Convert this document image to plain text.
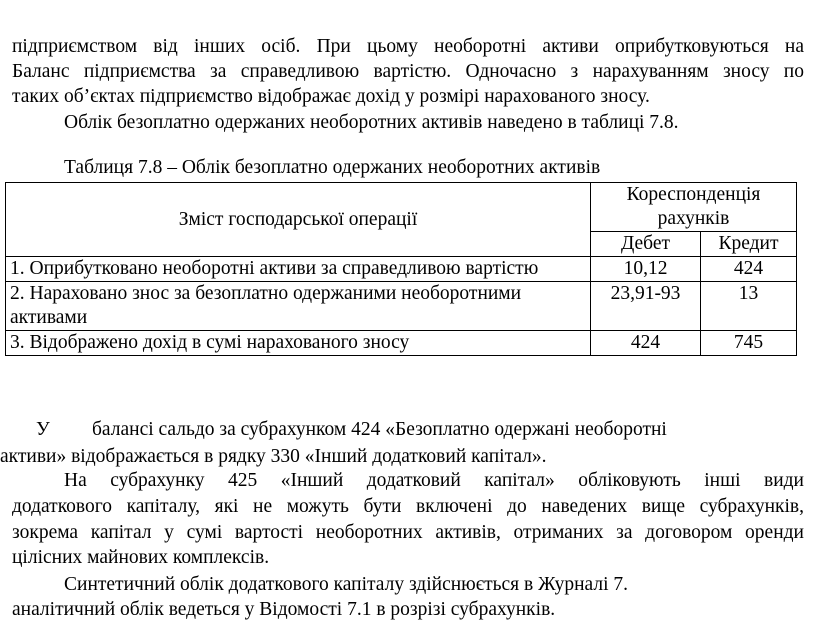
підприємством від інших осіб. При цьому необоротні активи оприбутковуються на
Баланс підприємства за справедливою вартістю. Одночасно з нарахуванням зносу по
таких об’єктах підприємство відображає дохід у розмірі нарахованого зносу.
Облік безоплатно одержаних необоротних активів наведено в таблиці 7.8.
Таблиця 7.8 – Облік безоплатно одержаних необоротних активів
Зміст господарської операції	Кореспонденція рахунків	
	Дебет	Кредит
1. Оприбутковано необоротні активи за справедливою вартістю	10,12	424
2. Нараховано знос за безоплатно одержаними необоротними активами	23,91-93	13
3. Відображено дохід в сумі нарахованого зносу	424	745
У балансі сальдо за субрахунком 424 «Безоплатно одержані необоротні
активи» відображається в рядку 330 «Інший додатковий капітал».
На субрахунку 425 «Інший додатковий капітал» обліковують інші види
додаткового капіталу, які не можуть бути включені до наведених вище субрахунків,
зокрема капітал у сумі вартості необоротних активів, отриманих за договором оренди
цілісних майнових комплексів.
Синтетичний облік додаткового капіталу здійснюється в Журналі 7.
аналітичний облік ведеться у Відомості 7.1 в розрізі субрахунків.
